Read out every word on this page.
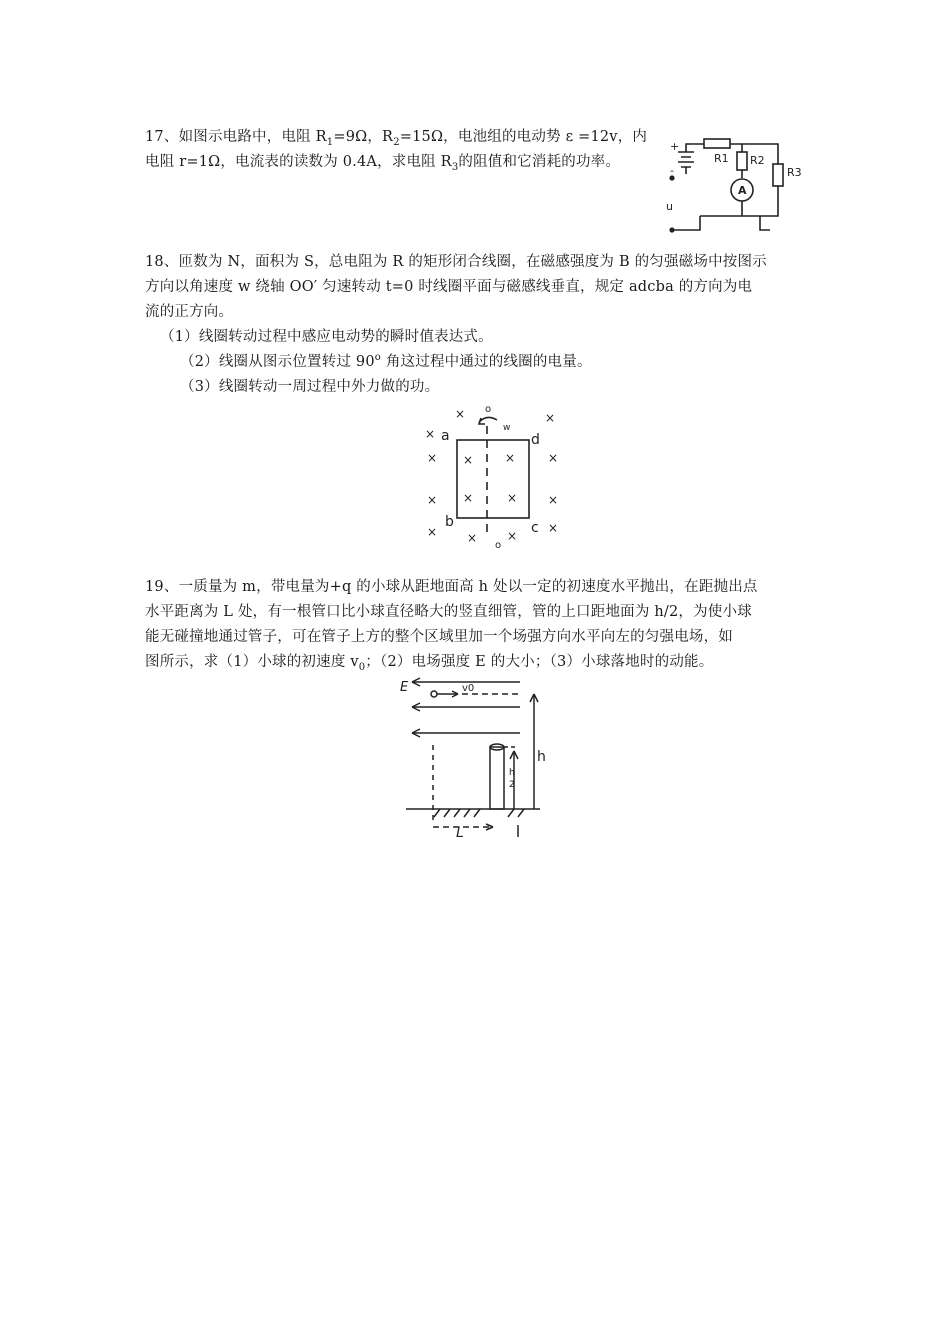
17、如图示电路中，电阻 $R_1=9\Omega$，$R_2=15\Omega$，电池组的电动势 ε =12v，内
电阻 r=1Ω，电流表的读数为 0.4A，求电阻 $R_3$的阻值和它消耗的功率。	R1 R2
R3
A
u
+
-
18、匝数为 N，面积为 S，总电阻为 R 的矩形闭合线圈，在磁感强度为 B 的匀强磁场中按图示
方向以角速度 w 绕轴 OO′ 匀速转动 t=0 时线圈平面与磁感线垂直，规定 adcba 的方向为电
流的正方向。
（1）线圈转动过程中感应电动势的瞬时值表达式。
（2）线圈从图示位置转过 90$^o$ 角这过程中通过的线圈的电量。
（3）线圈转动一周过程中外力做的功。
×
×
×
×	×
×	×
×	×
×	×
×	×
× ×
a	d
b	c
o
o
w
19、一质量为 m，带电量为+q 的小球从距地面高 h 处以一定的初速度水平抛出，在距抛出点
水平距离为 L 处，有一根管口比小球直径略大的竖直细管，管的上口距地面为 h/2，为使小球
能无碰撞地通过管子，可在管子上方的整个区域里加一个场强方向水平向左的匀强电场，如
图所示，求（1）小球的初速度 $v_0$；（2）电场强度 E 的大小；（3）小球落地时的动能。
E	v0
h
h
2
L
